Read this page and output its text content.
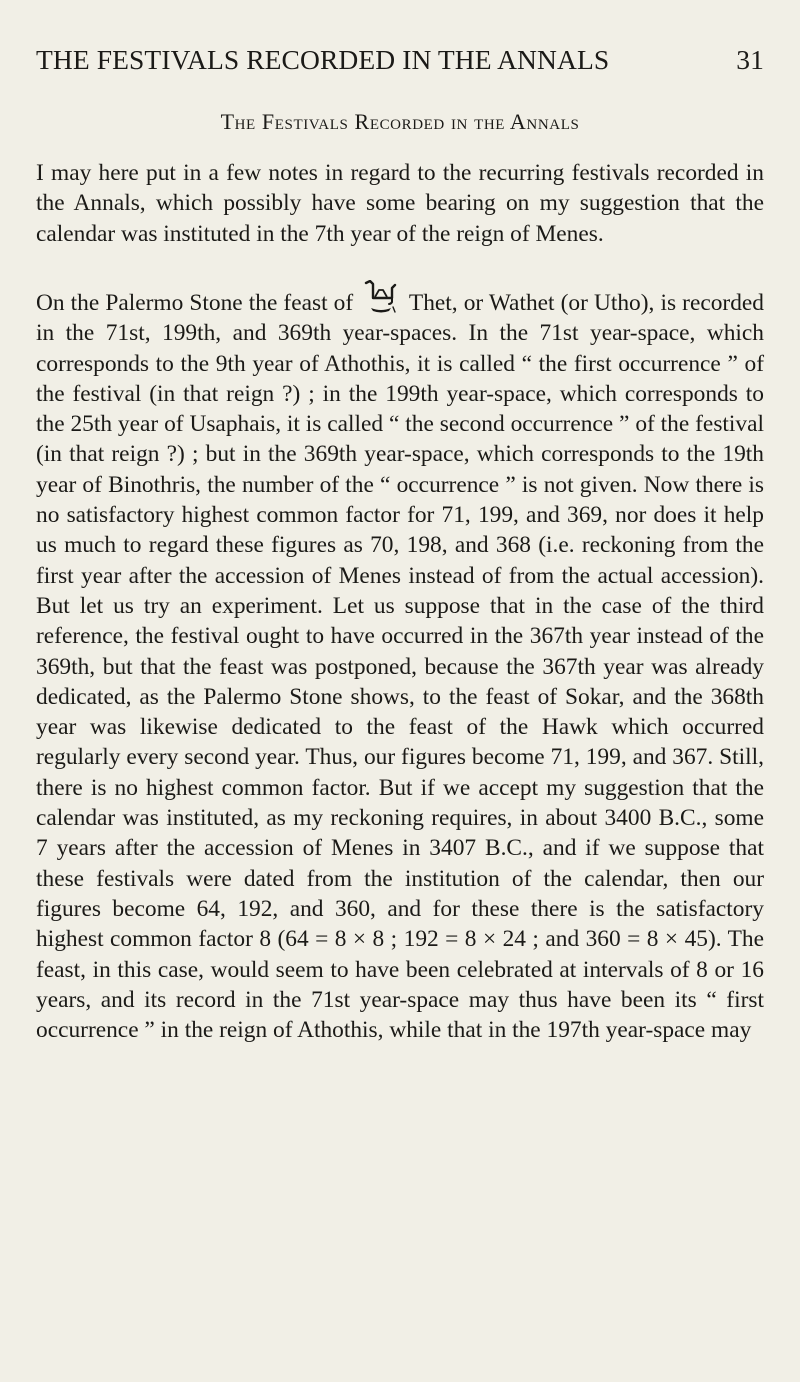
THE FESTIVALS RECORDED IN THE ANNALS	31
The Festivals Recorded in the Annals

I may here put in a few notes in regard to the recurring festivals recorded in the Annals, which possibly have some bearing on my suggestion that the calendar was instituted in the 7th year of the reign of Menes.

On the Palermo Stone the feast of Thet, or Wathet (or Utho), is recorded in the 71st, 199th, and 369th year-spaces. In the 71st year-space, which corresponds to the 9th year of Athothis, it is called “ the first occurrence ” of the festival (in that reign ?) ; in the 199th year-space, which corresponds to the 25th year of Usaphais, it is called “ the second occurrence ” of the festival (in that reign ?) ; but in the 369th year-space, which corresponds to the 19th year of Binothris, the number of the “ occurrence ” is not given. Now there is no satisfactory highest common factor for 71, 199, and 369, nor does it help us much to regard these figures as 70, 198, and 368 (i.e. reckoning from the first year after the accession of Menes instead of from the actual accession). But let us try an experiment. Let us suppose that in the case of the third reference, the festival ought to have occurred in the 367th year instead of the 369th, but that the feast was postponed, because the 367th year was already dedicated, as the Palermo Stone shows, to the feast of Sokar, and the 368th year was likewise dedicated to the feast of the Hawk which occurred regularly every second year. Thus, our figures become 71, 199, and 367. Still, there is no highest common factor. But if we accept my suggestion that the calendar was instituted, as my reckoning requires, in about 3400 B.C., some 7 years after the accession of Menes in 3407 B.C., and if we suppose that these festivals were dated from the institution of the calendar, then our figures become 64, 192, and 360, and for these there is the satisfactory highest common factor 8 (64 = 8 × 8 ; 192 = 8 × 24 ; and 360 = 8 × 45). The feast, in this case, would seem to have been celebrated at intervals of 8 or 16 years, and its record in the 71st year-space may thus have been its “ first occurrence ” in the reign of Athothis, while that in the 197th year-space may
